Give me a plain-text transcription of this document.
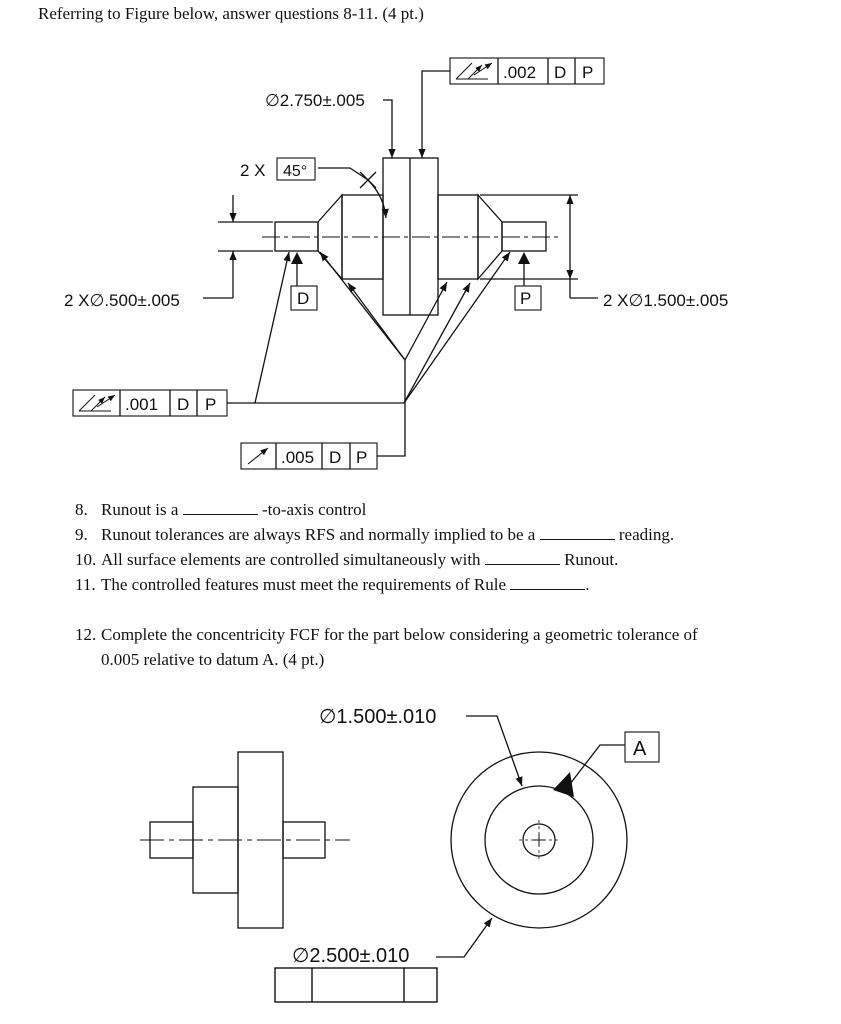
Referring to Figure below, answer questions 8-11. (4 pt.)
2 X∅.500±.005	2 X∅1.500±.005
∅2.750±.005
2 X 45°
.002 D P
D	P
.001 D P
.005 D P
∅1.500±.010
A
∅2.500±.010
8. Runout is a	-to-axis control
9. Runout tolerances are always RFS and normally implied to be a	reading.
10. All surface elements are controlled simultaneously with	Runout.
11. The controlled features must meet the requirements of Rule	.
12. Complete the concentricity FCF for the part below considering a geometric tolerance of
0.005 relative to datum A. (4 pt.)
